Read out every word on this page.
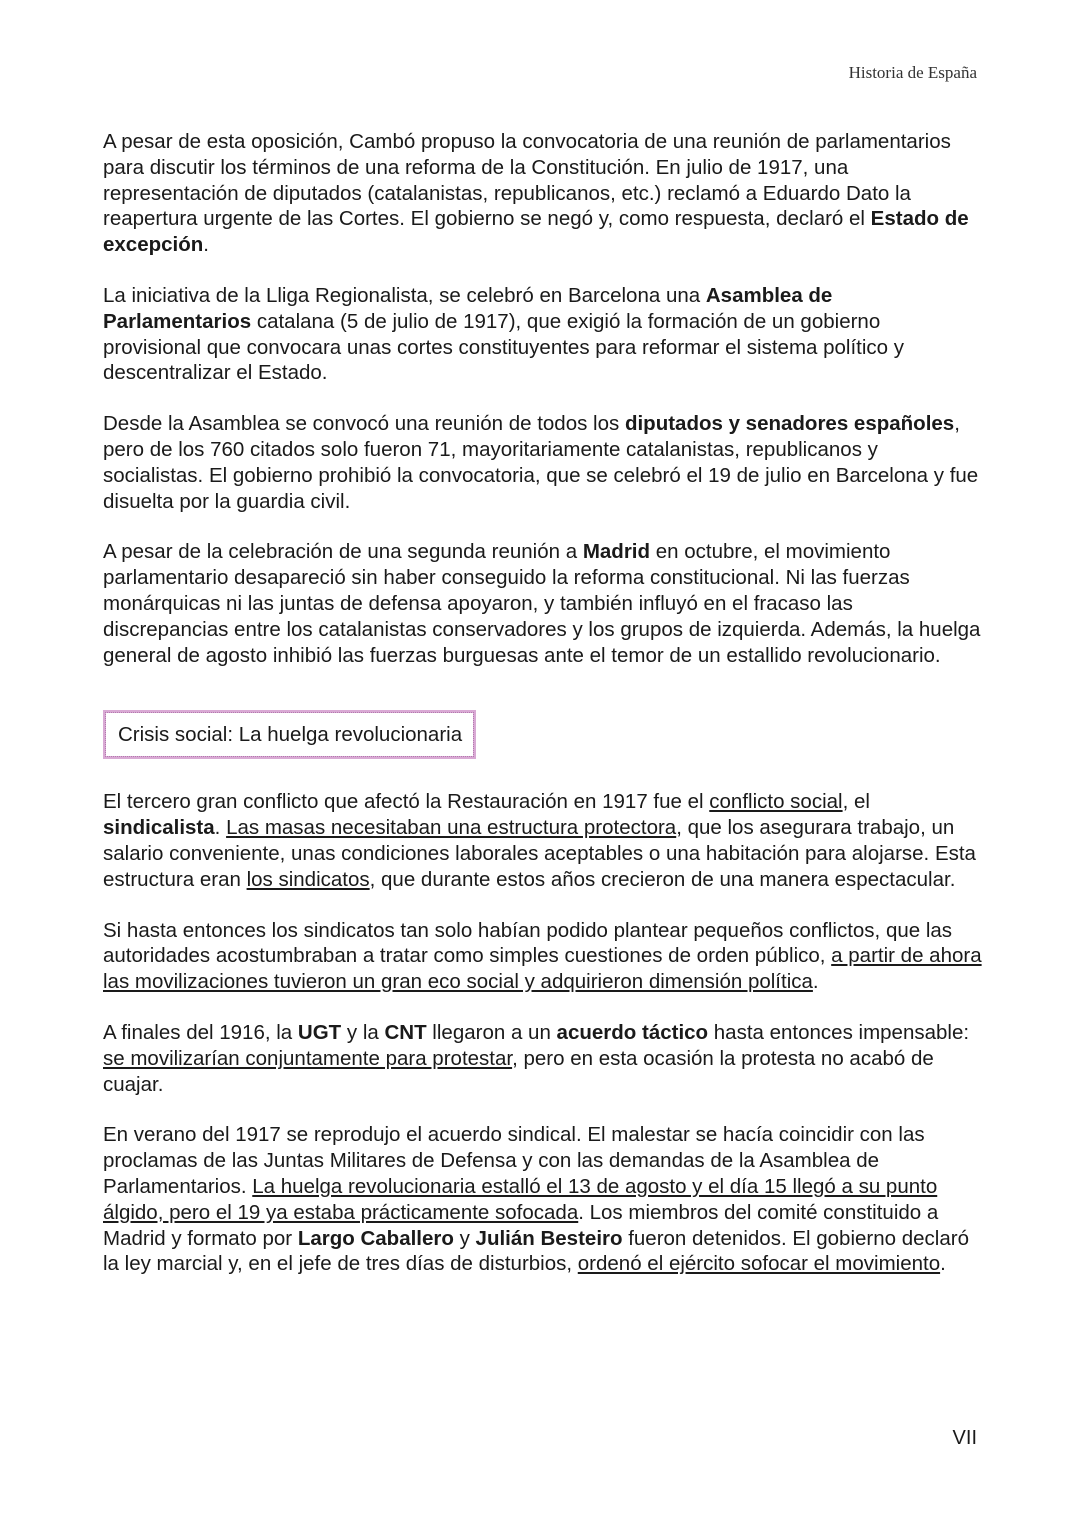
Historia de España

A pesar de esta oposición, Cambó propuso la convocatoria de una reunión de parlamentarios para discutir los términos de una reforma de la Constitución. En julio de 1917, una representación de diputados (catalanistas, republicanos, etc.) reclamó a Eduardo Dato la reapertura urgente de las Cortes. El gobierno se negó y, como respuesta, declaró el Estado de excepción.

La iniciativa de la Lliga Regionalista, se celebró en Barcelona una Asamblea de Parlamentarios catalana (5 de julio de 1917), que exigió la formación de un gobierno provisional que convocara unas cortes constituyentes para reformar el sistema político y descentralizar el Estado.

Desde la Asamblea se convocó una reunión de todos los diputados y senadores españoles, pero de los 760 citados solo fueron 71, mayoritariamente catalanistas, republicanos y socialistas. El gobierno prohibió la convocatoria, que se celebró el 19 de julio en Barcelona y fue disuelta por la guardia civil.

A pesar de la celebración de una segunda reunión a Madrid en octubre, el movimiento parlamentario desapareció sin haber conseguido la reforma constitucional. Ni las fuerzas monárquicas ni las juntas de defensa apoyaron, y también influyó en el fracaso las discrepancias entre los catalanistas conservadores y los grupos de izquierda. Además, la huelga general de agosto inhibió las fuerzas burguesas ante el temor de un estallido revolucionario.

Crisis social: La huelga revolucionaria

El tercero gran conflicto que afectó la Restauración en 1917 fue el conflicto social, el sindicalista. Las masas necesitaban una estructura protectora, que los asegurara trabajo, un salario conveniente, unas condiciones laborales aceptables o una habitación para alojarse. Esta estructura eran los sindicatos, que durante estos años crecieron de una manera espectacular.

Si hasta entonces los sindicatos tan solo habían podido plantear pequeños conflictos, que las autoridades acostumbraban a tratar como simples cuestiones de orden público, a partir de ahora las movilizaciones tuvieron un gran eco social y adquirieron dimensión política.

A finales del 1916, la UGT y la CNT llegaron a un acuerdo táctico hasta entonces impensable: se movilizarían conjuntamente para protestar, pero en esta ocasión la protesta no acabó de cuajar.

En verano del 1917 se reprodujo el acuerdo sindical. El malestar se hacía coincidir con las proclamas de las Juntas Militares de Defensa y con las demandas de la Asamblea de Parlamentarios. La huelga revolucionaria estalló el 13 de agosto y el día 15 llegó a su punto álgido, pero el 19 ya estaba prácticamente sofocada. Los miembros del comité constituido a Madrid y formato por Largo Caballero y Julián Besteiro fueron detenidos. El gobierno declaró la ley marcial y, en el jefe de tres días de disturbios, ordenó el ejército sofocar el movimiento.

VII
